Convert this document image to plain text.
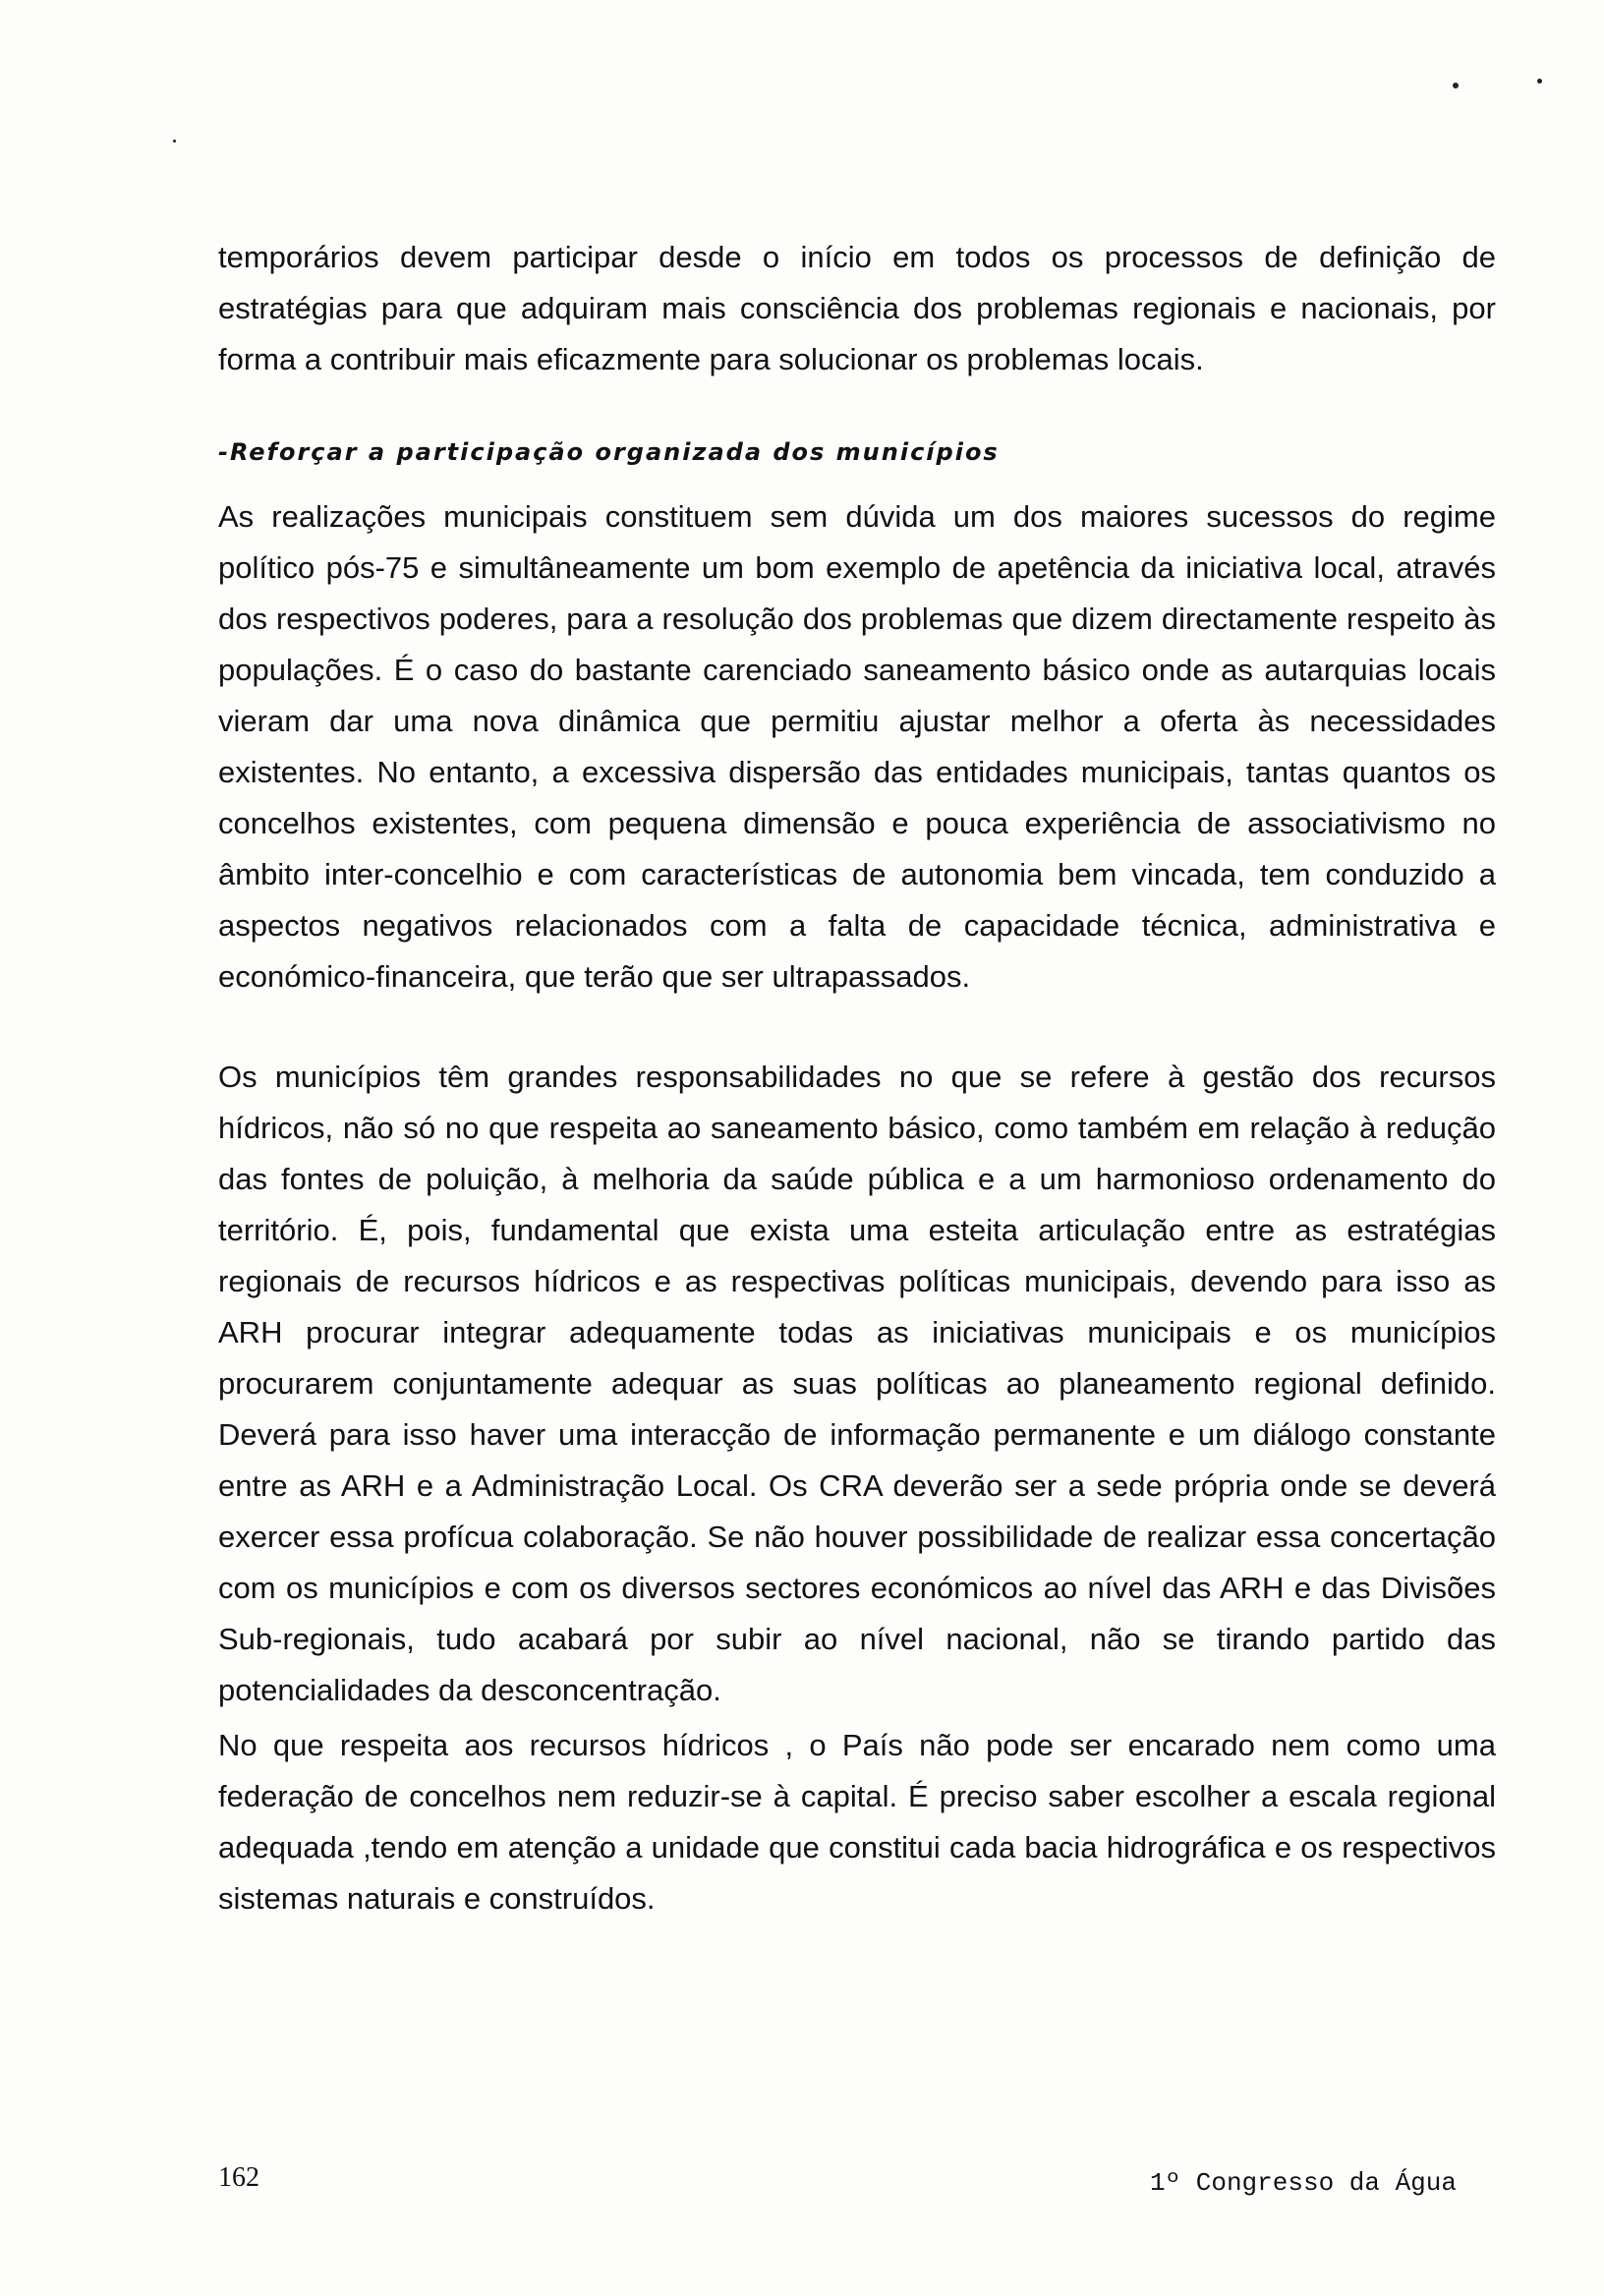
temporários devem participar desde o início em todos os processos de definição de estratégias para que adquiram mais consciência dos problemas regionais e nacionais, por forma a contribuir mais eficazmente para solucionar os problemas locais.

-Reforçar a participação organizada dos municípios

As realizações municipais constituem sem dúvida um dos maiores sucessos do regime político pós-75 e simultâneamente um bom exemplo de apetência da iniciativa local, através dos respectivos poderes, para a resolução dos problemas que dizem directamente respeito às populações. É o caso do bastante carenciado saneamento básico onde as autarquias locais vieram dar uma nova dinâmica que permitiu ajustar melhor a oferta às necessidades existentes. No entanto, a excessiva dispersão das entidades municipais, tantas quantos os concelhos existentes, com pequena dimensão e pouca experiência de associativismo no âmbito inter-concelhio e com características de autonomia bem vincada, tem conduzido a aspectos negativos relacionados com a falta de capacidade técnica, administrativa e económico-financeira, que terão que ser ultrapassados.

Os municípios têm grandes responsabilidades no que se refere à gestão dos recursos hídricos, não só no que respeita ao saneamento básico, como também em relação à redução das fontes de poluição, à melhoria da saúde pública e a um harmonioso ordenamento do território. É, pois, fundamental que exista uma esteita articulação entre as estratégias regionais de recursos hídricos e as respectivas políticas municipais, devendo para isso as ARH procurar integrar adequamente todas as iniciativas municipais e os municípios procurarem conjuntamente adequar as suas políticas ao planeamento regional definido. Deverá para isso haver uma interacção de informação permanente e um diálogo constante entre as ARH e a Administração Local. Os CRA deverão ser a sede própria onde se deverá exercer essa profícua colaboração. Se não houver possibilidade de realizar essa concertação com os municípios e com os diversos sectores económicos ao nível das ARH e das Divisões Sub-regionais, tudo acabará por subir ao nível nacional, não se tirando partido das potencialidades da desconcentração.

No que respeita aos recursos hídricos , o País não pode ser encarado nem como uma federação de concelhos nem reduzir-se à capital. É preciso saber escolher a escala regional adequada ,tendo em atenção a unidade que constitui cada bacia hidrográfica e os respectivos sistemas naturais e construídos.

162	1º Congresso da Água
